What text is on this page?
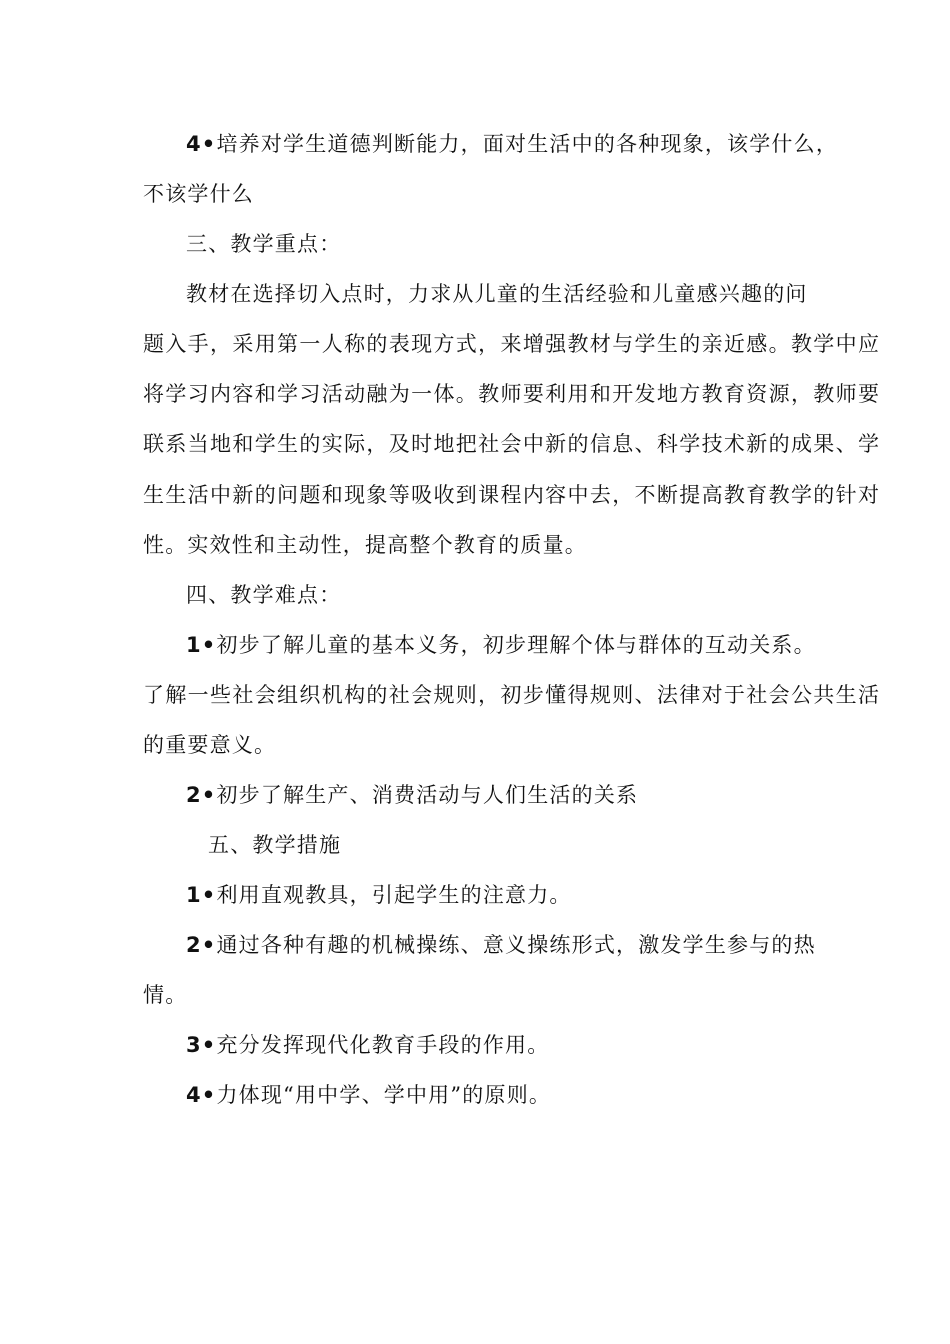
4•培养对学生道德判断能力，面对生活中的各种现象，该学什么，
不该学什么
三、教学重点：
教材在选择切入点时，力求从儿童的生活经验和儿童感兴趣的问
题入手，采用第一人称的表现方式，来增强教材与学生的亲近感。教学中应
将学习内容和学习活动融为一体。教师要利用和开发地方教育资源，教师要
联系当地和学生的实际，及时地把社会中新的信息、科学技术新的成果、学
生生活中新的问题和现象等吸收到课程内容中去，不断提高教育教学的针对
性。实效性和主动性，提高整个教育的质量。
四、教学难点：
1•初步了解儿童的基本义务，初步理解个体与群体的互动关系。
了解一些社会组织机构的社会规则，初步懂得规则、法律对于社会公共生活
的重要意义。
2•初步了解生产、消费活动与人们生活的关系
五、教学措施
1•利用直观教具，引起学生的注意力。
2•通过各种有趣的机械操练、意义操练形式，激发学生参与的热
情。
3•充分发挥现代化教育手段的作用。
4•力体现“用中学、学中用”的原则。
